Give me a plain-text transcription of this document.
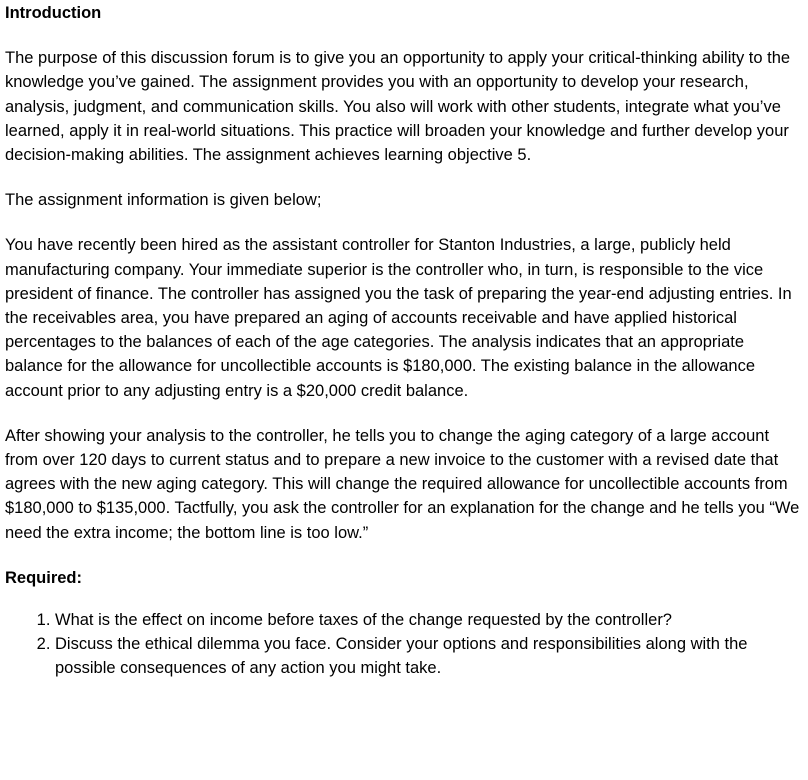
Introduction

The purpose of this discussion forum is to give you an opportunity to apply your critical-thinking ability to the knowledge you’ve gained. The assignment provides you with an opportunity to develop your research, analysis, judgment, and communication skills. You also will work with other students, integrate what you’ve learned, apply it in real-world situations. This practice will broaden your knowledge and further develop your decision-making abilities. The assignment achieves learning objective 5.

The assignment information is given below;

You have recently been hired as the assistant controller for Stanton Industries, a large, publicly held manufacturing company. Your immediate superior is the controller who, in turn, is responsible to the vice president of finance. The controller has assigned you the task of preparing the year-end adjusting entries. In the receivables area, you have prepared an aging of accounts receivable and have applied historical percentages to the balances of each of the age categories. The analysis indicates that an appropriate balance for the allowance for uncollectible accounts is $180,000. The existing balance in the allowance account prior to any adjusting entry is a $20,000 credit balance.

After showing your analysis to the controller, he tells you to change the aging category of a large account from over 120 days to current status and to prepare a new invoice to the customer with a revised date that agrees with the new aging category. This will change the required allowance for uncollectible accounts from $180,000 to $135,000. Tactfully, you ask the controller for an explanation for the change and he tells you “We need the extra income; the bottom line is too low.”

Required:
1. What is the effect on income before taxes of the change requested by the controller?
2. Discuss the ethical dilemma you face. Consider your options and responsibilities along with the possible consequences of any action you might take.
